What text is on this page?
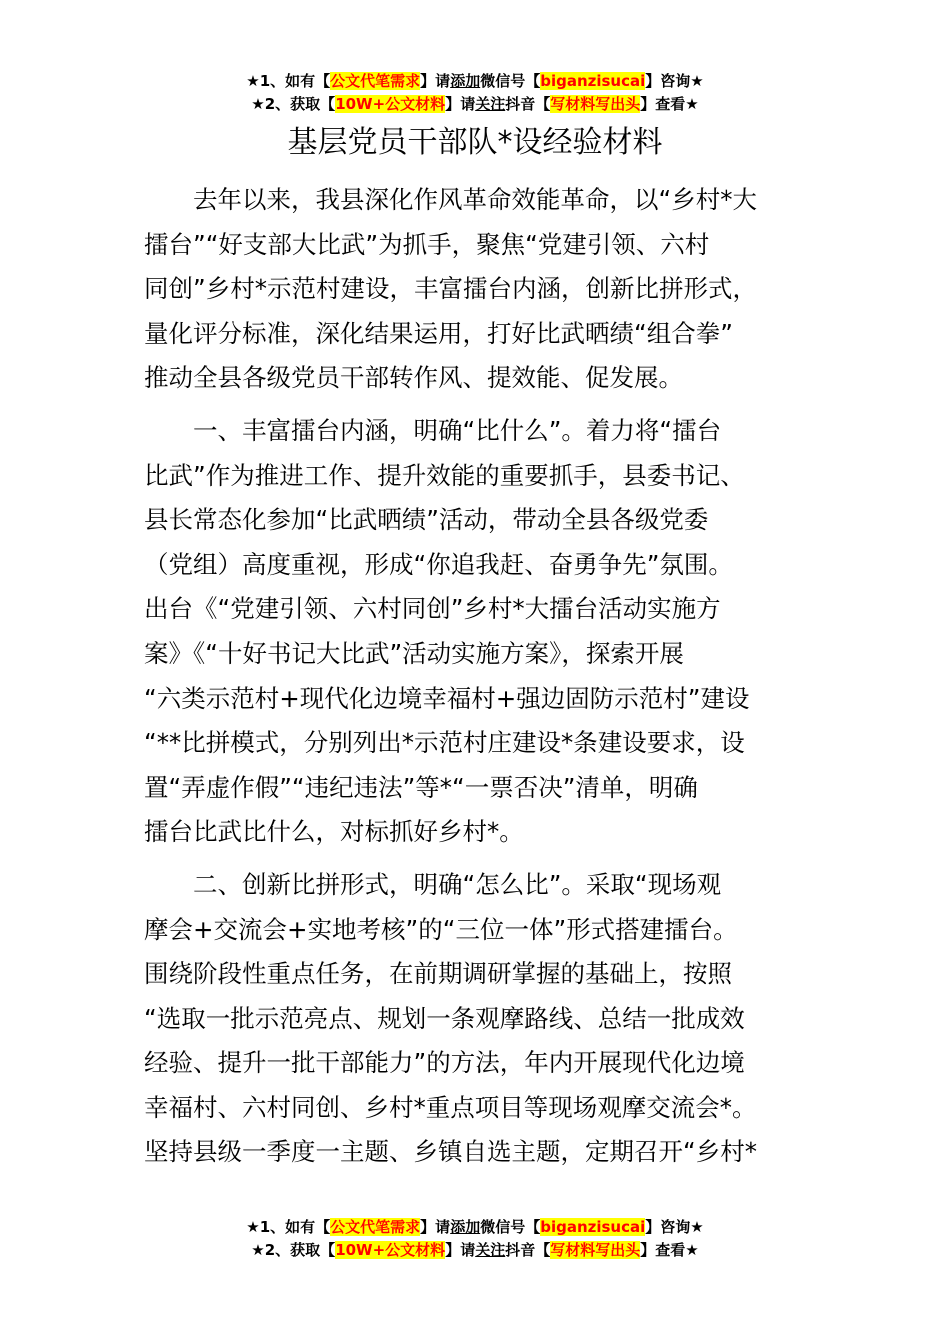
★1、如有【公文代笔需求】请添加微信号【biganzisucai】咨询★
★2、获取【10W+公文材料】请关注抖音【写材料写出头】查看★
基层党员干部队*设经验材料
去年以来，我县深化作风革命效能革命，以“乡村*大
擂台”“好支部大比武”为抓手，聚焦“党建引领、六村
同创”乡村*示范村建设，丰富擂台内涵，创新比拼形式，
量化评分标准，深化结果运用，打好比武晒绩“组合拳”
推动全县各级党员干部转作风、提效能、促发展。
一、丰富擂台内涵，明确“比什么”。着力将“擂台
比武”作为推进工作、提升效能的重要抓手，县委书记、
县长常态化参加“比武晒绩”活动，带动全县各级党委
（党组）高度重视，形成“你追我赶、奋勇争先”氛围。
出台《“党建引领、六村同创”乡村*大擂台活动实施方
案》《“十好书记大比武”活动实施方案》，探索开展
“六类示范村+现代化边境幸福村+强边固防示范村”建设
“**比拼模式，分别列出*示范村庄建设*条建设要求，设
置“弄虚作假”“违纪违法”等*“一票否决”清单，明确
擂台比武比什么，对标抓好乡村*。
二、创新比拼形式，明确“怎么比”。采取“现场观
摩会+交流会+实地考核”的“三位一体”形式搭建擂台。
围绕阶段性重点任务，在前期调研掌握的基础上，按照
“选取一批示范亮点、规划一条观摩路线、总结一批成效
经验、提升一批干部能力”的方法，年内开展现代化边境
幸福村、六村同创、乡村*重点项目等现场观摩交流会*。
坚持县级一季度一主题、乡镇自选主题，定期召开“乡村*
★1、如有【公文代笔需求】请添加微信号【biganzisucai】咨询★
★2、获取【10W+公文材料】请关注抖音【写材料写出头】查看★
